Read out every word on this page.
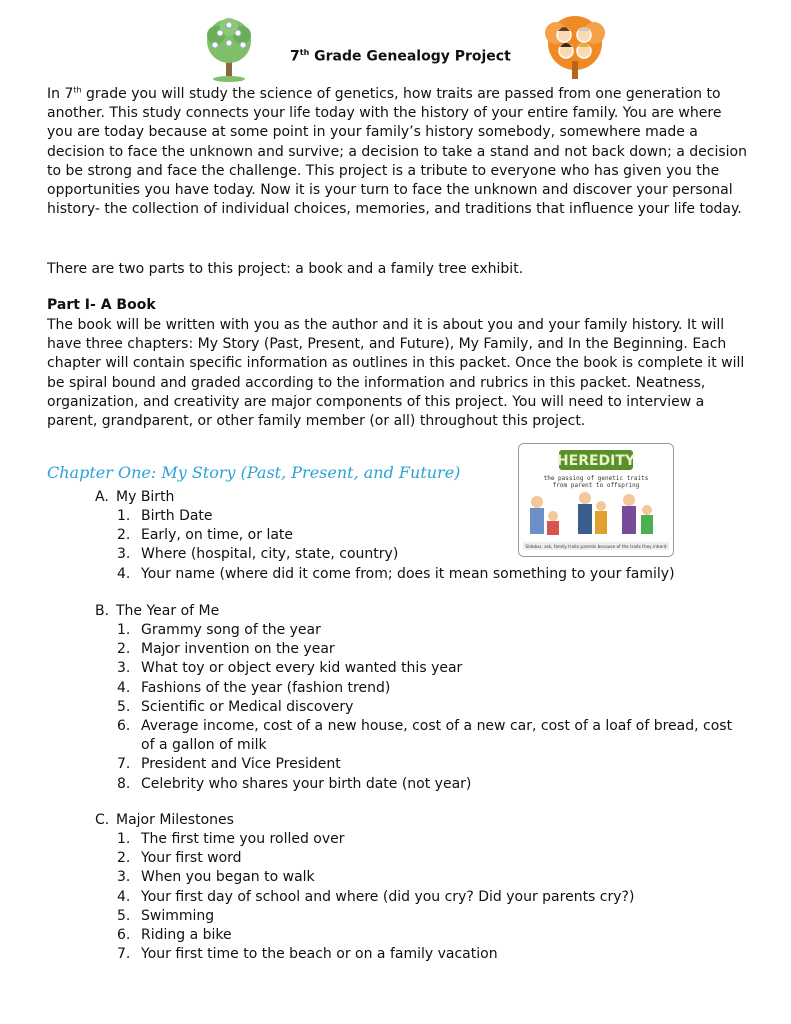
7th Grade Genealogy Project

In 7th grade you will study the science of genetics, how traits are passed from one generation to another. This study connects your life today with the history of your entire family. You are where you are today because at some point in your family’s history somebody, somewhere made a decision to face the unknown and survive; a decision to take a stand and not back down; a decision to be strong and face the challenge. This project is a tribute to everyone who has given you the opportunities you have today. Now it is your turn to face the unknown and discover your personal history- the collection of individual choices, memories, and traditions that influence your life today.

There are two parts to this project: a book and a family tree exhibit.

Part I- A Book

The book will be written with you as the author and it is about you and your family history. It will have three chapters: My Story (Past, Present, and Future), My Family, and In the Beginning. Each chapter will contain specific information as outlines in this packet. Once the book is complete it will be spiral bound and graded according to the information and rubrics in this packet. Neatness, organization, and creativity are major components of this project. You will need to interview a parent, grandparent, or other family member (or all) throughout this project.

HEREDITY
the passing of genetic traits
from parent to offspring
Sidebar, ask, family traits parents because of the traits they inherit
Chapter One: My Story (Past, Present, and Future)
A. My Birth
1. Birth Date
2. Early, on time, or late
3. Where (hospital, city, state, country)
4. Your name (where did it come from; does it mean something to your family)
B. The Year of Me
1. Grammy song of the year
2. Major invention on the year
3. What toy or object every kid wanted this year
4. Fashions of the year (fashion trend)
5. Scientific or Medical discovery
6. Average income, cost of a new house, cost of a new car, cost of a loaf of bread, cost of a gallon of milk
7. President and Vice President
8. Celebrity who shares your birth date (not year)
C. Major Milestones
1. The first time you rolled over
2. Your first word
3. When you began to walk
4. Your first day of school and where (did you cry? Did your parents cry?)
5. Swimming
6. Riding a bike
7. Your first time to the beach or on a family vacation
